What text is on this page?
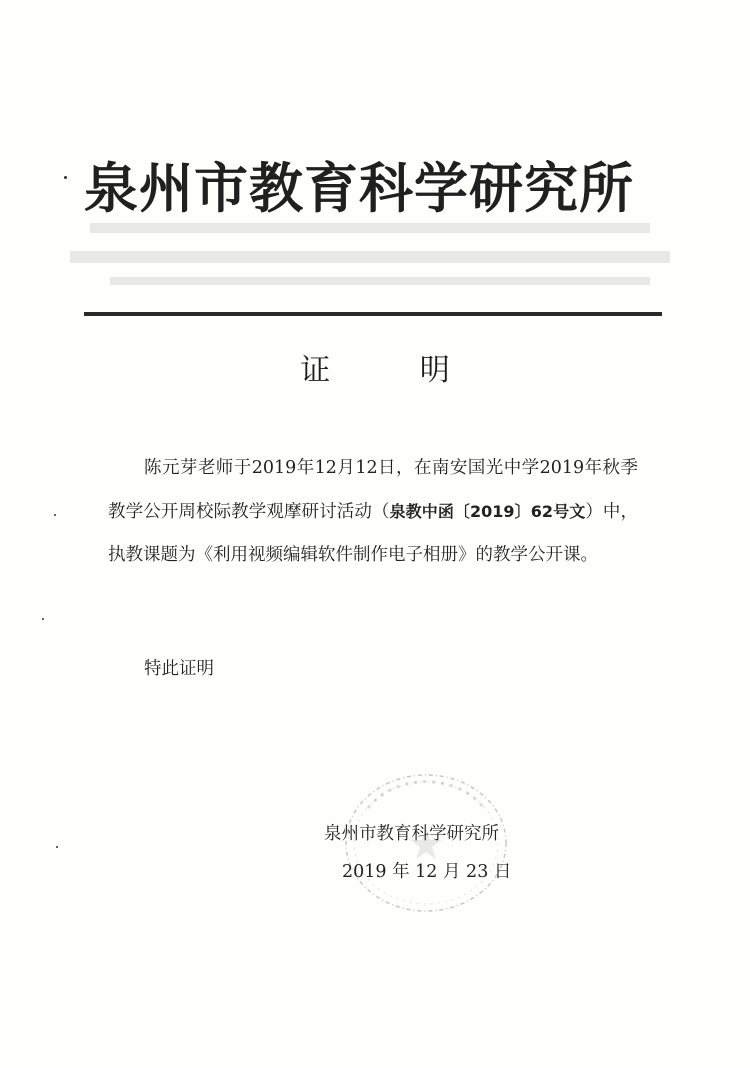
泉州市教育科学研究所
证 明
陈元芽老师于2019年12月12日，在南安国光中学2019年秋季教学公开周校际教学观摩研讨活动（泉教中函〔2019〕62号文）中，执教课题为《利用视频编辑软件制作电子相册》的教学公开课。
特此证明
泉州市教育科学研究所
2019 年 12 月 23 日
